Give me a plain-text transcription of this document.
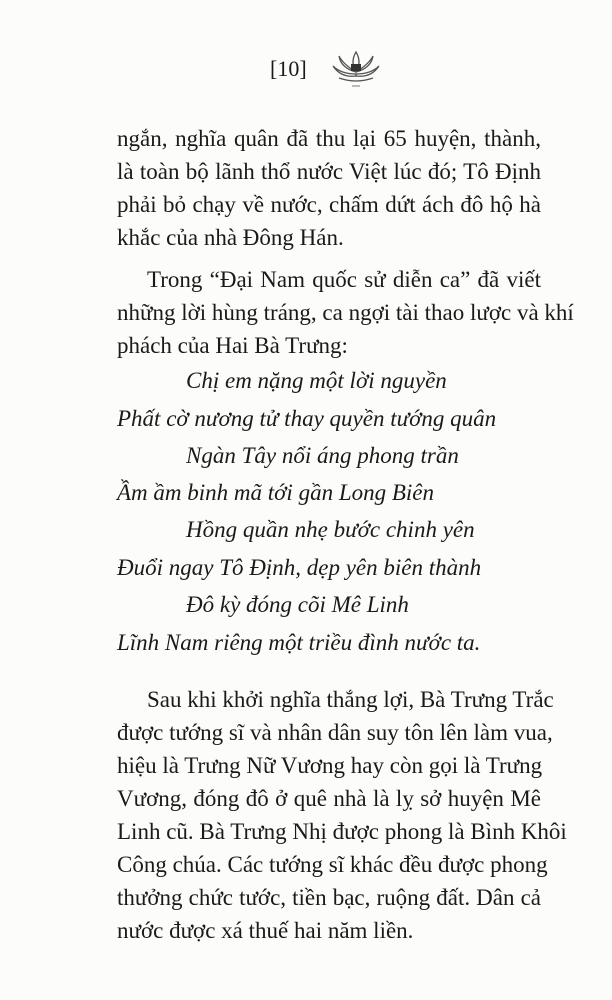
[10]
ngắn, nghĩa quân đã thu lại 65 huyện, thành,
là toàn bộ lãnh thổ nước Việt lúc đó; Tô Định
phải bỏ chạy về nước, chấm dứt ách đô hộ hà
khắc của nhà Đông Hán.
Trong “Đại Nam quốc sử diễn ca” đã viết
những lời hùng tráng, ca ngợi tài thao lược và khí
phách của Hai Bà Trưng:
Chị em nặng một lời nguyền
Phất cờ nương tử thay quyền tướng quân
Ngàn Tây nổi áng phong trần
Ầm ầm binh mã tới gần Long Biên
Hồng quần nhẹ bước chinh yên
Đuổi ngay Tô Định, dẹp yên biên thành
Đô kỳ đóng cõi Mê Linh
Lĩnh Nam riêng một triều đình nước ta.
Sau khi khởi nghĩa thắng lợi, Bà Trưng Trắc
được tướng sĩ và nhân dân suy tôn lên làm vua,
hiệu là Trưng Nữ Vương hay còn gọi là Trưng
Vương, đóng đô ở quê nhà là lỵ sở huyện Mê
Linh cũ. Bà Trưng Nhị được phong là Bình Khôi
Công chúa. Các tướng sĩ khác đều được phong
thưởng chức tước, tiền bạc, ruộng đất. Dân cả
nước được xá thuế hai năm liền.
